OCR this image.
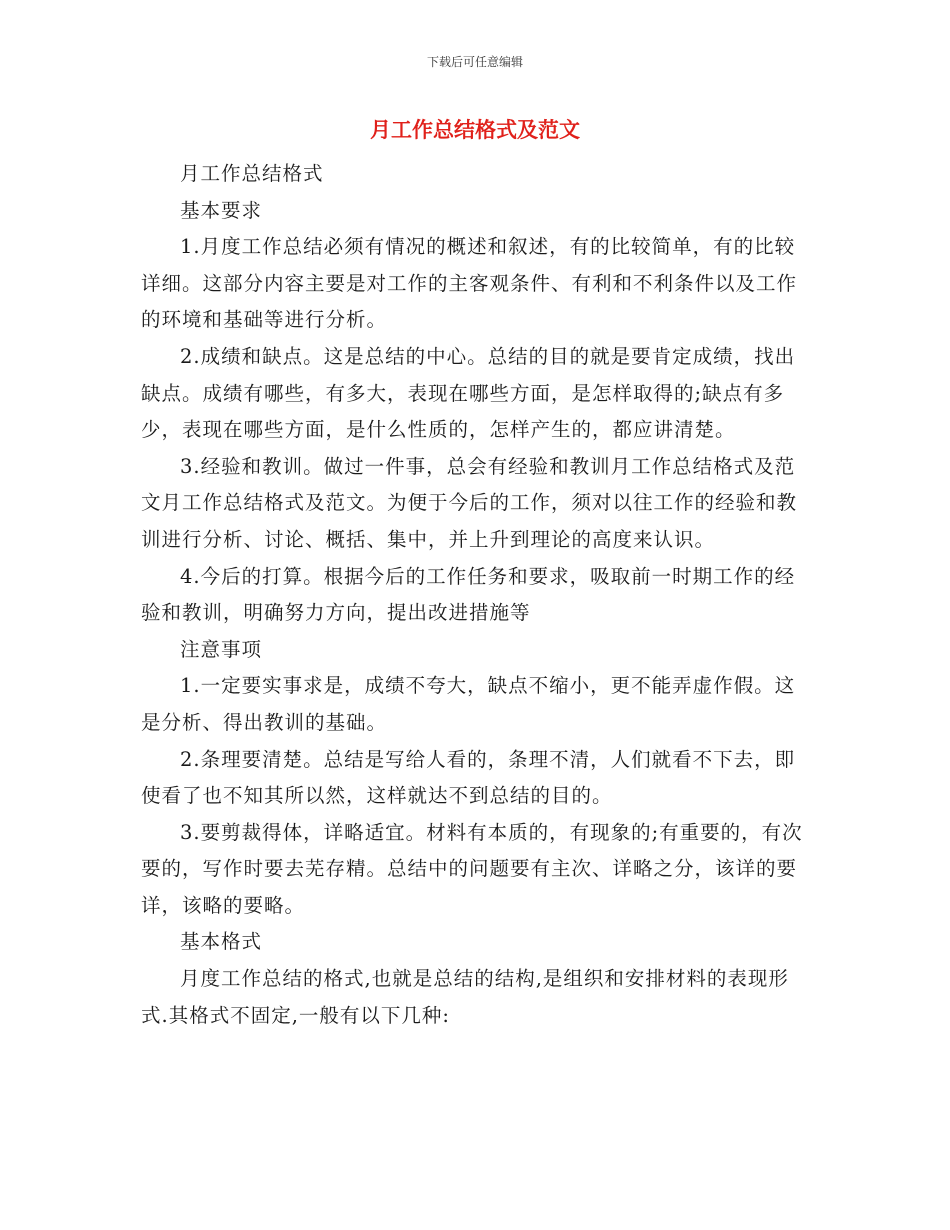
下载后可任意编辑
月工作总结格式及范文

月工作总结格式

基本要求

1.月度工作总结必须有情况的概述和叙述，有的比较简单，有的比较详细。这部分内容主要是对工作的主客观条件、有利和不利条件以及工作的环境和基础等进行分析。

2.成绩和缺点。这是总结的中心。总结的目的就是要肯定成绩，找出缺点。成绩有哪些，有多大，表现在哪些方面，是怎样取得的;缺点有多少，表现在哪些方面，是什么性质的，怎样产生的，都应讲清楚。

3.经验和教训。做过一件事，总会有经验和教训月工作总结格式及范文月工作总结格式及范文。为便于今后的工作，须对以往工作的经验和教训进行分析、讨论、概括、集中，并上升到理论的高度来认识。

4.今后的打算。根据今后的工作任务和要求，吸取前一时期工作的经验和教训，明确努力方向，提出改进措施等

注意事项

1.一定要实事求是，成绩不夸大，缺点不缩小，更不能弄虚作假。这是分析、得出教训的基础。

2.条理要清楚。总结是写给人看的，条理不清，人们就看不下去，即使看了也不知其所以然，这样就达不到总结的目的。

3.要剪裁得体，详略适宜。材料有本质的，有现象的;有重要的，有次要的，写作时要去芜存精。总结中的问题要有主次、详略之分，该详的要详，该略的要略。

基本格式

月度工作总结的格式,也就是总结的结构,是组织和安排材料的表现形式.其格式不固定,一般有以下几种:
